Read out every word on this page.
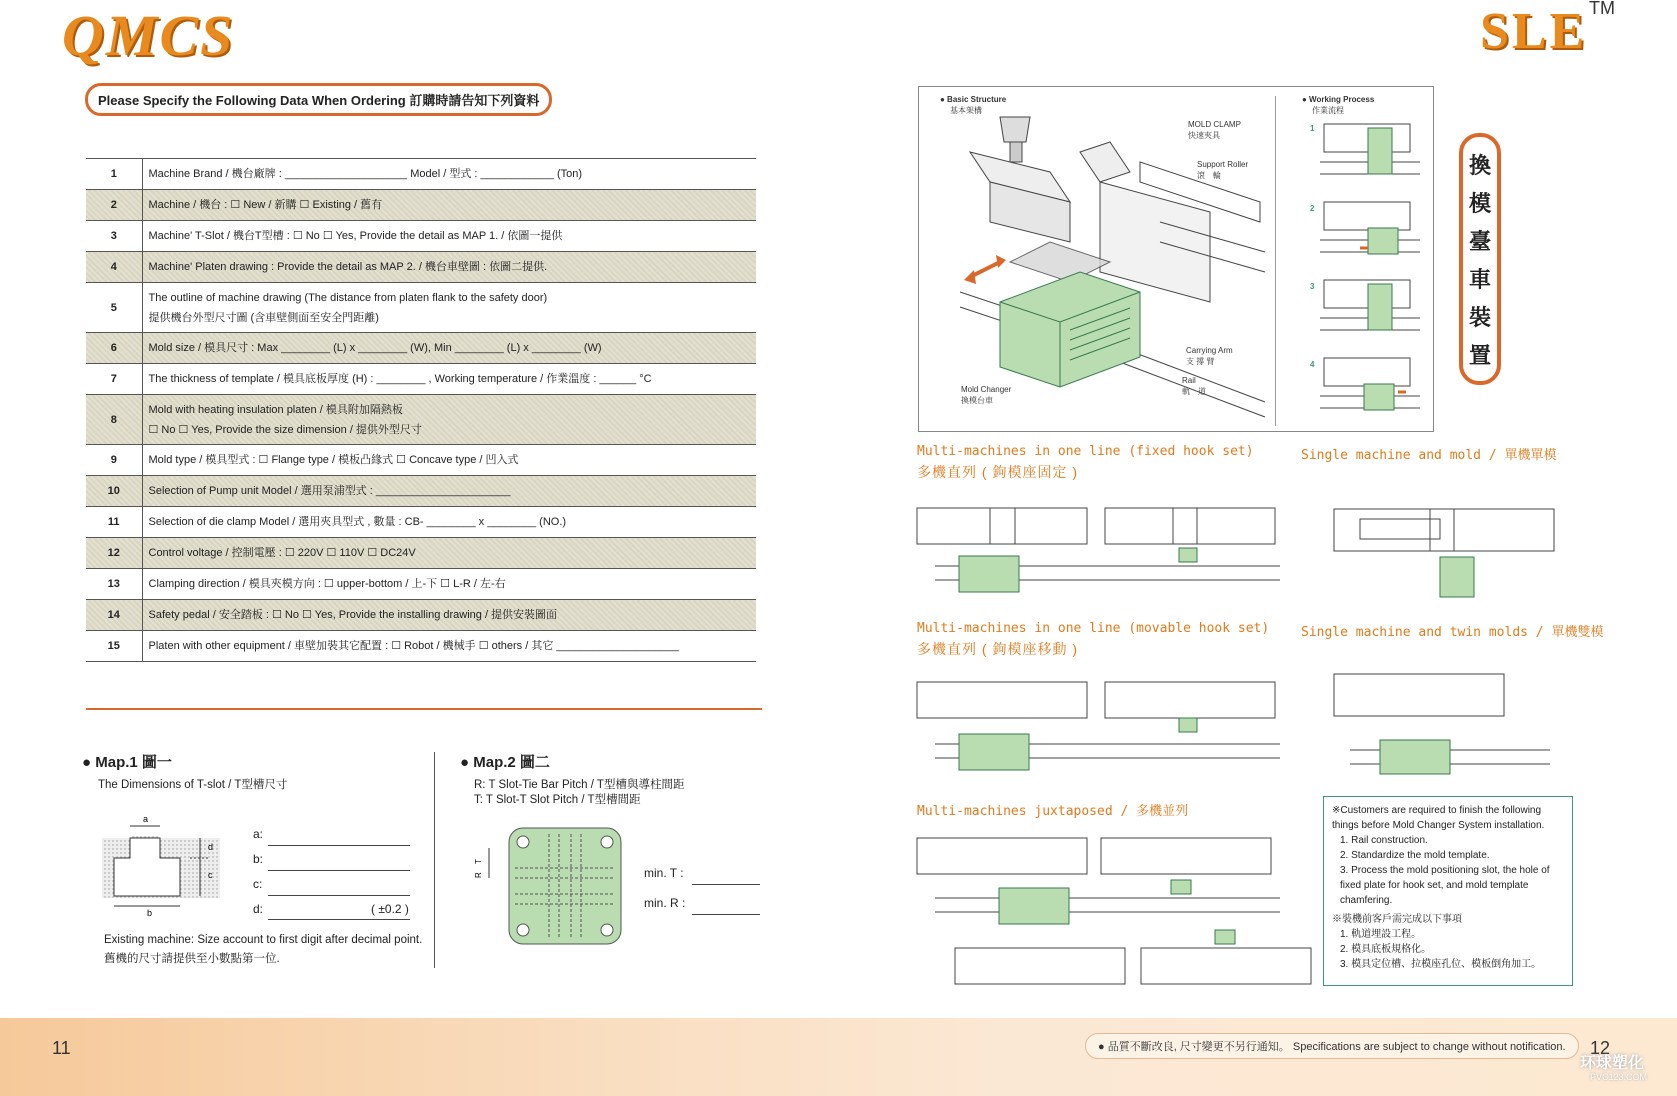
QMCS	SLE TM
Please Specify the Following Data When Ordering 訂購時請告知下列資料
1	Machine Brand / 機台廠牌 : ____________________ Model / 型式 : ____________ (Ton)

2	Machine / 機台 : ☐ New / 新購 ☐ Existing / 舊有

3	Machine' T-Slot / 機台T型槽 : ☐ No ☐ Yes, Provide the detail as MAP 1. / 依圖一提供

4	Machine' Platen drawing : Provide the detail as MAP 2. / 機台車壁圖 : 依圖二提供.

5	The outline of machine drawing (The distance from platen flank to the safety door)
提供機台外型尺寸圖 (含車壁側面至安全門距離)

6	Mold size / 模具尺寸 : Max ________ (L) x ________ (W), Min ________ (L) x ________ (W)

7	The thickness of template / 模具底板厚度 (H) : ________ , Working temperature / 作業溫度 : ______ °C

8	Mold with heating insulation platen / 模具附加隔熱板
☐ No ☐ Yes, Provide the size dimension / 提供外型尺寸

9	Mold type / 模具型式 : ☐ Flange type / 模板凸緣式 ☐ Concave type / 凹入式

10	Selection of Pump unit Model / 選用泵浦型式 : ______________________

11	Selection of die clamp Model / 選用夾具型式 , 數量 : CB- ________ x ________ (NO.)

12	Control voltage / 控制電壓 : ☐ 220V ☐ 110V ☐ DC24V

13	Clamping direction / 模具夾模方向 : ☐ upper-bottom / 上-下 ☐ L-R / 左-右

14	Safety pedal / 安全踏板 : ☐ No ☐ Yes, Provide the installing drawing / 提供安裝圖面

15	Platen with other equipment / 車壁加裝其它配置 : ☐ Robot / 機械手 ☐ others / 其它 ____________________
● Map.1 圖一
The Dimensions of T-slot / T型槽尺寸
a
b
c
d
a:
b:
c:
d:	( ±0.2 )
Existing machine: Size account to first digit after decimal point.
舊機的尺寸請提供至小數點第一位.
● Map.2 圖二
R: T Slot-Tie Bar Pitch / T型槽與導柱間距
T: T Slot-T Slot Pitch / T型槽間距
T
R	min. T :
min. R :
● Basic Structure
基本架構
● Working Process
作業流程
MOLD CLAMP
快速夾具
Support Roller
滾　輪
Carrying Arm
支 撐 臂
Rail
軌　道
Mold Changer
換模台車
1
2
3
4
換
模
臺
車
裝
置
Multi-machines in one line (fixed hook set)
多機直列 ( 鉤模座固定 )
Single machine and mold / 單機單模
Multi-machines in one line (movable hook set)
多機直列 ( 鉤模座移動 )
Single machine and twin molds / 單機雙模
Multi-machines juxtaposed / 多機並列	※Customers are required to finish the following things before Mold Changer System installation.
1. Rail construction.
2. Standardize the mold template.
3. Process the mold positioning slot, the hole of fixed plate for hook set, and mold template chamfering.
※裝機前客戶需完成以下事項
1. 軌道埋設工程。
2. 模具底板規格化。
3. 模具定位槽、拉模座孔位、模板倒角加工。
11	● 品質不斷改良, 尺寸變更不另行通知。 Specifications are subject to change without notification.	12
环球塑化
PVC123.COM
